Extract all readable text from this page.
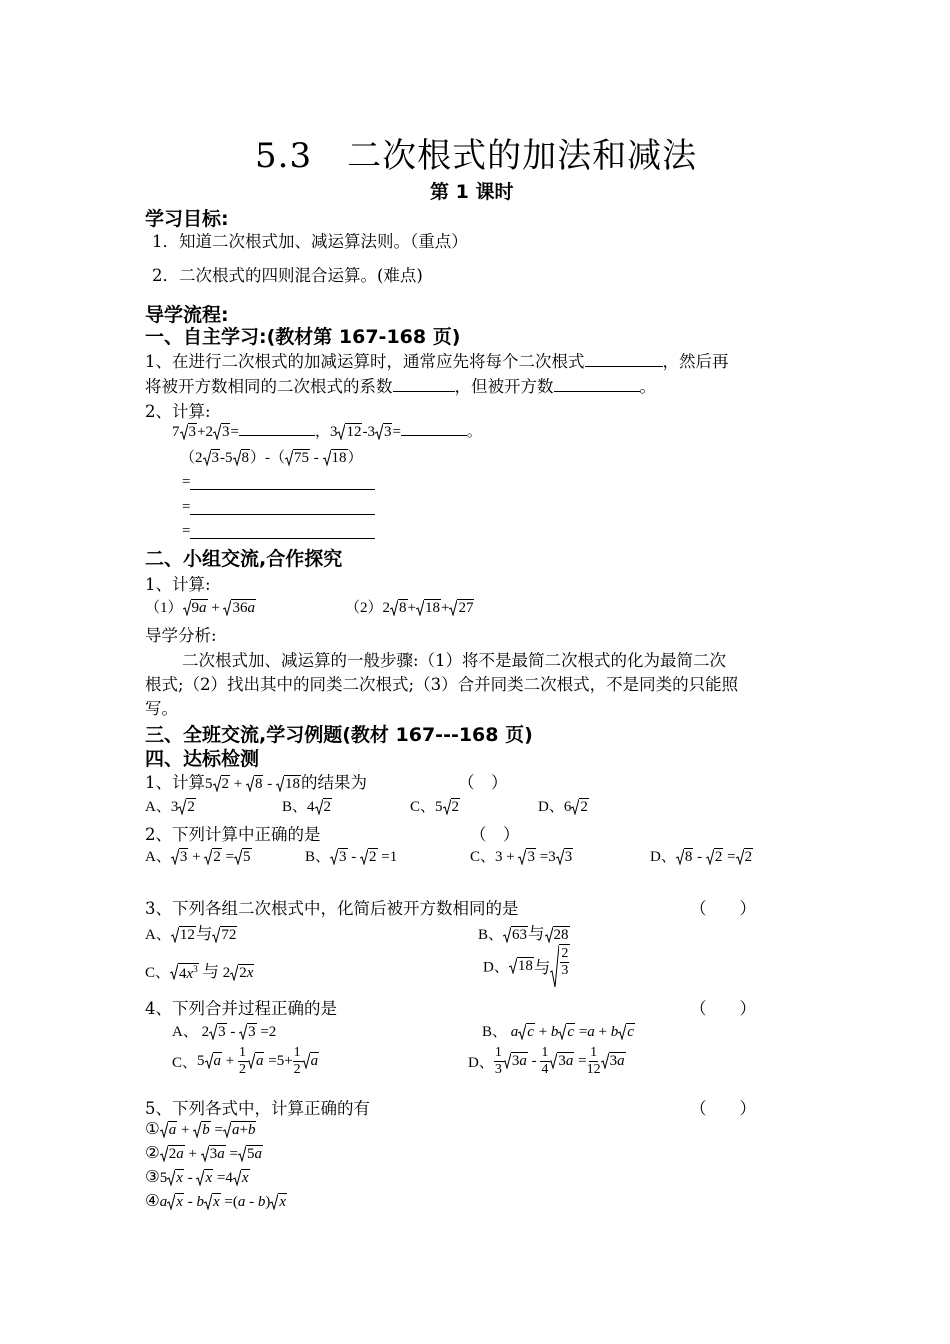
5.3　二次根式的加法和减法
第 1 课时
学习目标:
1．知道二次根式加、减运算法则。（重点）
2．二次根式的四则混合运算。(难点)
导学流程:
一、自主学习:(教材第 167-168 页)
1、在进行二次根式的加减运算时，通常应先将每个二次根式	，然后再
将被开方数相同的二次根式的系数	，但被开方数	。
2、计算:
7 3 +2 3 =	，3 12 -3 3 =	。
（2 3 -5 8 ）-（ 75 - 18 ）
=
=
=
二、小组交流,合作探究
1、计算:
（1） 9a + 36a	（2）2 8 + 18 + 27
导学分析:
二次根式加、减运算的一般步骤:（1）将不是最简二次根式的化为最简二次
根式;（2）找出其中的同类二次根式;（3）合并同类二次根式，不是同类的只能照
写。
三、全班交流,学习例题(教材 167---168 页)
四、达标检测
1、计算5 2 + 8 - 18 的结果为	（　）
A、3 2	B、4 2	C、5 2	D、6 2
2、下列计算中正确的是	（　）
A、 3 + 2 = 5	B、 3 - 2 =1	C、3 + 3 =3 3	D、 8 - 2 = 2
3、下列各组二次根式中，化简后被开方数相同的是	（　　）
A、 12 与 72	B、 63 与 28
C、 $4x^3$ 与 2 2x	D、 18 与 $\frac{2}{3}$
4、下列合并过程正确的是	（　　）
A、 2 3 - 3 =2	B、 a c + b c =a + b c
C、5 $a + \frac{1}{2}$ $a =5+ \frac{1}{2}$ a	D、 $\frac{1}{3} 3a - \frac{1}{4} 3a = \frac{1}{12} 3a$
5、下列各式中，计算正确的有	（　　）
① a + b = a+b
② 2a + 3a = 5a
③5 x - x =4 x
④a x - b x =(a - b) x
